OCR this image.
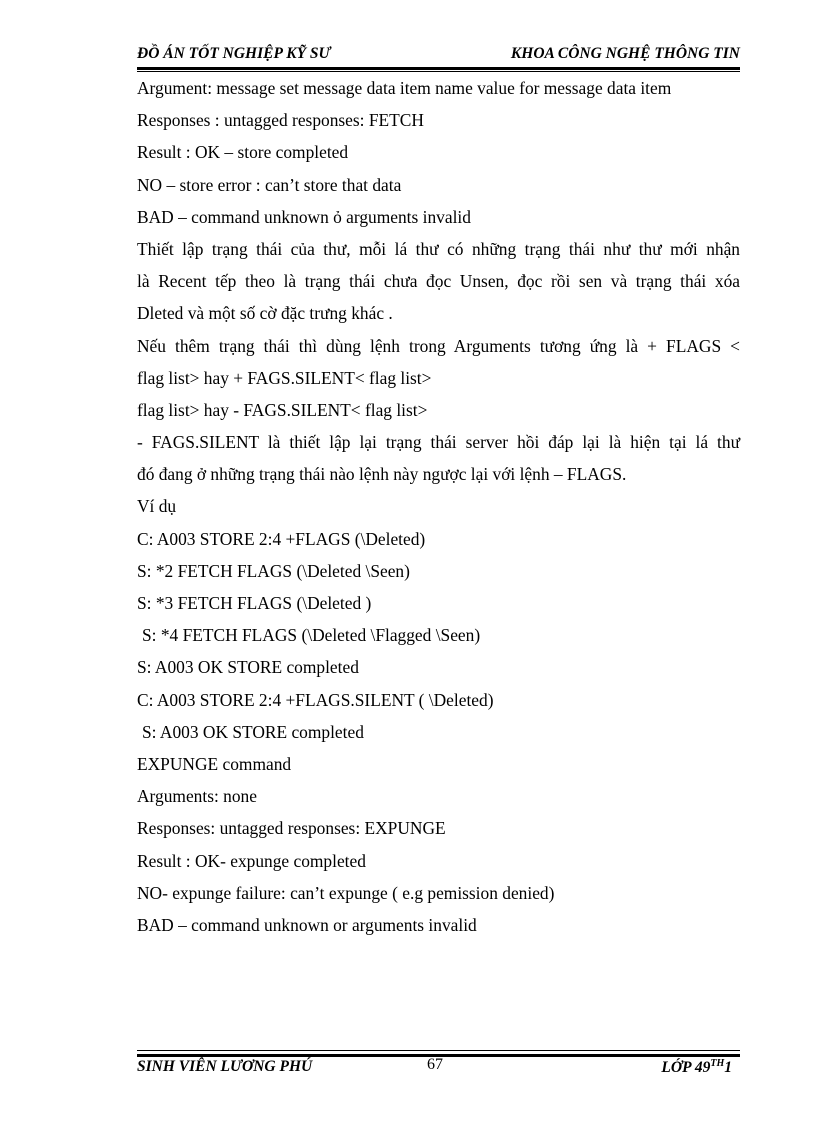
ĐỒ ÁN TỐT NGHIỆP KỸ SƯ	KHOA CÔNG NGHỆ THÔNG TIN
Argument: message set message data item name value for message data item
Responses : untagged responses: FETCH
Result : OK – store completed
NO – store error : can’t store that data
BAD – command unknown ỏ arguments invalid
Thiết lập trạng thái của thư, mỗi lá thư có những trạng thái như thư mới nhận
là Recent tếp theo là trạng thái chưa đọc Unsen, đọc rồi sen và trạng thái xóa
Dleted và một số cờ đặc trưng khác .
Nếu thêm trạng thái thì dùng lệnh trong Arguments tương ứng là + FLAGS <
flag list> hay + FAGS.SILENT< flag list>
flag list> hay - FAGS.SILENT< flag list>
- FAGS.SILENT là thiết lập lại trạng thái server hồi đáp lại là hiện tại lá thư
đó đang ở những trạng thái nào lệnh này ngược lại với lệnh – FLAGS.
Ví dụ
C: A003 STORE 2:4 +FLAGS (\Deleted)
S: *2 FETCH FLAGS (\Deleted \Seen)
S: *3 FETCH FLAGS (\Deleted )
S: *4 FETCH FLAGS (\Deleted \Flagged \Seen)
S: A003 OK STORE completed
C: A003 STORE 2:4 +FLAGS.SILENT ( \Deleted)
S: A003 OK STORE completed
EXPUNGE command
Arguments: none
Responses: untagged responses: EXPUNGE
Result : OK- expunge completed
NO- expunge failure: can’t expunge ( e.g pemission denied)
BAD – command unknown or arguments invalid
SINH VIÊN LƯƠNG PHÚ	67	LỚP 49TH1
